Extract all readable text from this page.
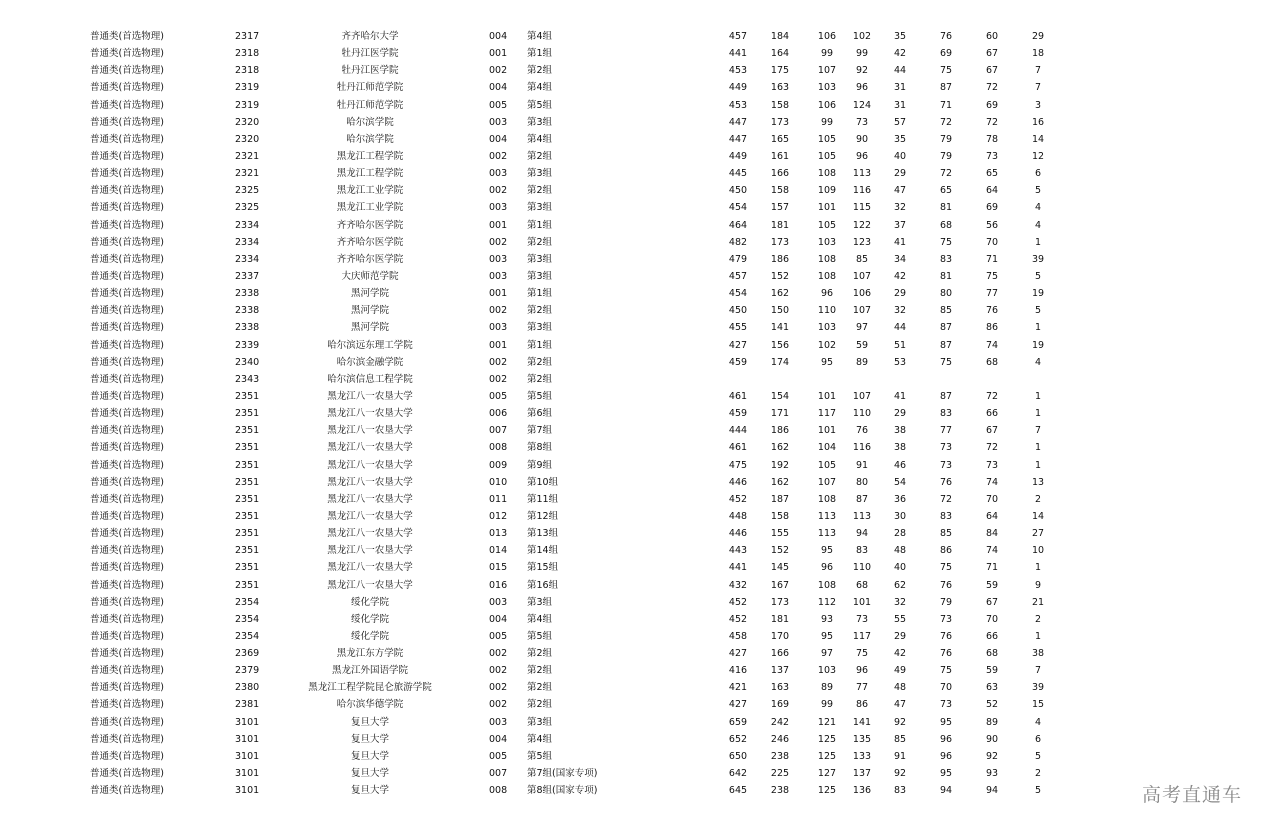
普通类(首选物理)	2317	齐齐哈尔大学	004 第4组	457	184	106	102	35	76	60	29
普通类(首选物理)	2318	牡丹江医学院	001 第1组	441	164	99	99	42	69	67	18
普通类(首选物理)	2318	牡丹江医学院	002 第2组	453	175	107	92	44	75	67	7
普通类(首选物理)	2319	牡丹江师范学院	004 第4组	449	163	103	96	31	87	72	7
普通类(首选物理)	2319	牡丹江师范学院	005 第5组	453	158	106	124	31	71	69	3
普通类(首选物理)	2320	哈尔滨学院	003 第3组	447	173	99	73	57	72	72	16
普通类(首选物理)	2320	哈尔滨学院	004 第4组	447	165	105	90	35	79	78	14
普通类(首选物理)	2321	黑龙江工程学院	002 第2组	449	161	105	96	40	79	73	12
普通类(首选物理)	2321	黑龙江工程学院	003 第3组	445	166	108	113	29	72	65	6
普通类(首选物理)	2325	黑龙江工业学院	002 第2组	450	158	109	116	47	65	64	5
普通类(首选物理)	2325	黑龙江工业学院	003 第3组	454	157	101	115	32	81	69	4
普通类(首选物理)	2334	齐齐哈尔医学院	001 第1组	464	181	105	122	37	68	56	4
普通类(首选物理)	2334	齐齐哈尔医学院	002 第2组	482	173	103	123	41	75	70	1
普通类(首选物理)	2334	齐齐哈尔医学院	003 第3组	479	186	108	85	34	83	71	39
普通类(首选物理)	2337	大庆师范学院	003 第3组	457	152	108	107	42	81	75	5
普通类(首选物理)	2338	黑河学院	001 第1组	454	162	96	106	29	80	77	19
普通类(首选物理)	2338	黑河学院	002 第2组	450	150	110	107	32	85	76	5
普通类(首选物理)	2338	黑河学院	003 第3组	455	141	103	97	44	87	86	1
普通类(首选物理)	2339	哈尔滨远东理工学院	001 第1组	427	156	102	59	51	87	74	19
普通类(首选物理)	2340	哈尔滨金融学院	002 第2组	459	174	95	89	53	75	68	4
普通类(首选物理)	2343	哈尔滨信息工程学院	002 第2组
普通类(首选物理)	2351	黑龙江八一农垦大学	005 第5组	461	154	101	107	41	87	72	1
普通类(首选物理)	2351	黑龙江八一农垦大学	006 第6组	459	171	117	110	29	83	66	1
普通类(首选物理)	2351	黑龙江八一农垦大学	007 第7组	444	186	101	76	38	77	67	7
普通类(首选物理)	2351	黑龙江八一农垦大学	008 第8组	461	162	104	116	38	73	72	1
普通类(首选物理)	2351	黑龙江八一农垦大学	009 第9组	475	192	105	91	46	73	73	1
普通类(首选物理)	2351	黑龙江八一农垦大学	010 第10组	446	162	107	80	54	76	74	13
普通类(首选物理)	2351	黑龙江八一农垦大学	011 第11组	452	187	108	87	36	72	70	2
普通类(首选物理)	2351	黑龙江八一农垦大学	012 第12组	448	158	113	113	30	83	64	14
普通类(首选物理)	2351	黑龙江八一农垦大学	013 第13组	446	155	113	94	28	85	84	27
普通类(首选物理)	2351	黑龙江八一农垦大学	014 第14组	443	152	95	83	48	86	74	10
普通类(首选物理)	2351	黑龙江八一农垦大学	015 第15组	441	145	96	110	40	75	71	1
普通类(首选物理)	2351	黑龙江八一农垦大学	016 第16组	432	167	108	68	62	76	59	9
普通类(首选物理)	2354	绥化学院	003 第3组	452	173	112	101	32	79	67	21
普通类(首选物理)	2354	绥化学院	004 第4组	452	181	93	73	55	73	70	2
普通类(首选物理)	2354	绥化学院	005 第5组	458	170	95	117	29	76	66	1
普通类(首选物理)	2369	黑龙江东方学院	002 第2组	427	166	97	75	42	76	68	38
普通类(首选物理)	2379	黑龙江外国语学院	002 第2组	416	137	103	96	49	75	59	7
普通类(首选物理)	2380	黑龙江工程学院昆仑旅游学院	002 第2组	421	163	89	77	48	70	63	39
普通类(首选物理)	2381	哈尔滨华德学院	002 第2组	427	169	99	86	47	73	52	15
普通类(首选物理)	3101	复旦大学	003 第3组	659	242	121	141	92	95	89	4
普通类(首选物理)	3101	复旦大学	004 第4组	652	246	125	135	85	96	90	6
普通类(首选物理)	3101	复旦大学	005 第5组	650	238	125	133	91	96	92	5
普通类(首选物理)	3101	复旦大学	007 第7组(国家专项)	642	225	127	137	92	95	93	2
普通类(首选物理)	3101	复旦大学	008 第8组(国家专项)	645	238	125	136	83	94	94	5	高考直通车
